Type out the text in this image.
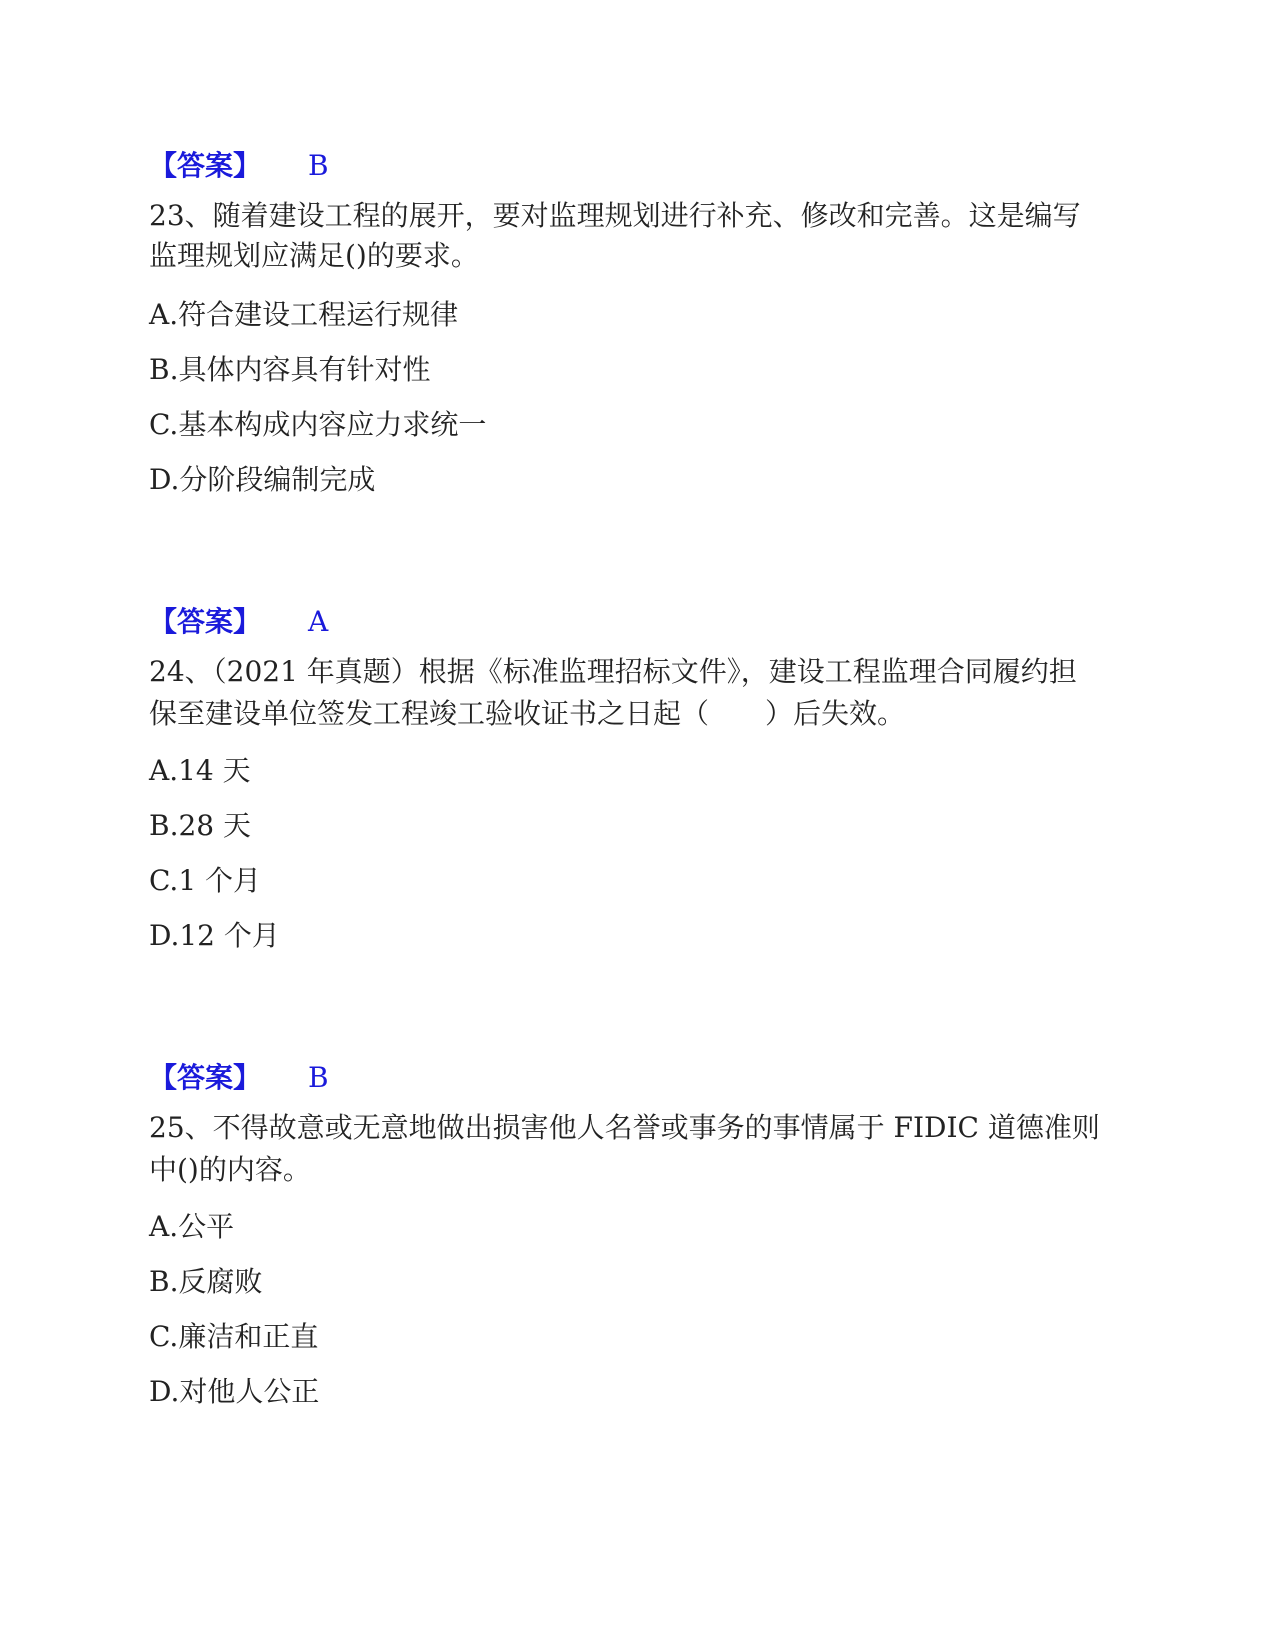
【答案】 B
23、随着建设工程的展开，要对监理规划进行补充、修改和完善。这是编写
监理规划应满足()的要求。
A.符合建设工程运行规律
B.具体内容具有针对性
C.基本构成内容应力求统一
D.分阶段编制完成
【答案】 A
24、（2021 年真题）根据《标准监理招标文件》，建设工程监理合同履约担
保至建设单位签发工程竣工验收证书之日起（　　）后失效。
A.14 天
B.28 天
C.1 个月
D.12 个月
【答案】 B
25、不得故意或无意地做出损害他人名誉或事务的事情属于 FIDIC 道德准则
中()的内容。
A.公平
B.反腐败
C.廉洁和正直
D.对他人公正
